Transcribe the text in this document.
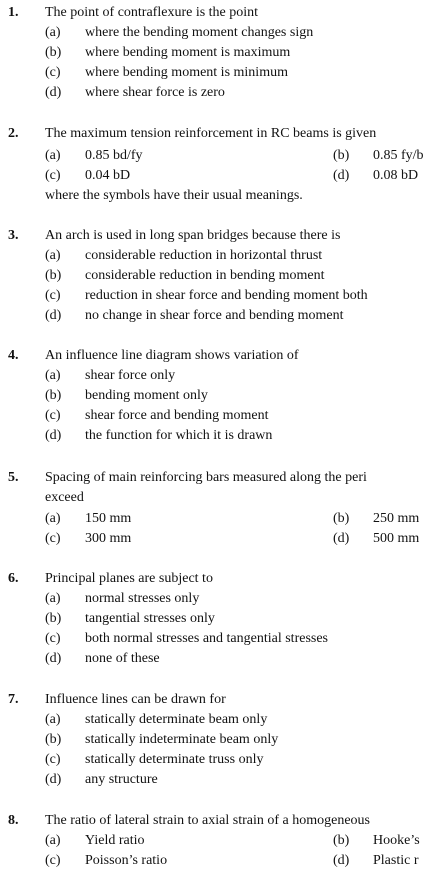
1. The point of contraflexure is the point
(a) where the bending moment changes sign
(b) where bending moment is maximum
(c) where bending moment is minimum
(d) where shear force is zero
2. The maximum tension reinforcement in RC beams is given
(a) 0.85 bd/fy	(b) 0.85 fy/b
(c) 0.04 bD	(d) 0.08 bD
where the symbols have their usual meanings.
3. An arch is used in long span bridges because there is
(a) considerable reduction in horizontal thrust
(b) considerable reduction in bending moment
(c) reduction in shear force and bending moment both
(d) no change in shear force and bending moment
4. An influence line diagram shows variation of
(a) shear force only
(b) bending moment only
(c) shear force and bending moment
(d) the function for which it is drawn
5. Spacing of main reinforcing bars measured along the peri
exceed
(a) 150 mm	(b) 250 mm
(c) 300 mm	(d) 500 mm
6. Principal planes are subject to
(a) normal stresses only
(b) tangential stresses only
(c) both normal stresses and tangential stresses
(d) none of these
7. Influence lines can be drawn for
(a) statically determinate beam only
(b) statically indeterminate beam only
(c) statically determinate truss only
(d) any structure
8. The ratio of lateral strain to axial strain of a homogeneous
(a) Yield ratio	(b) Hooke’s
(c) Poisson’s ratio	(d) Plastic r
